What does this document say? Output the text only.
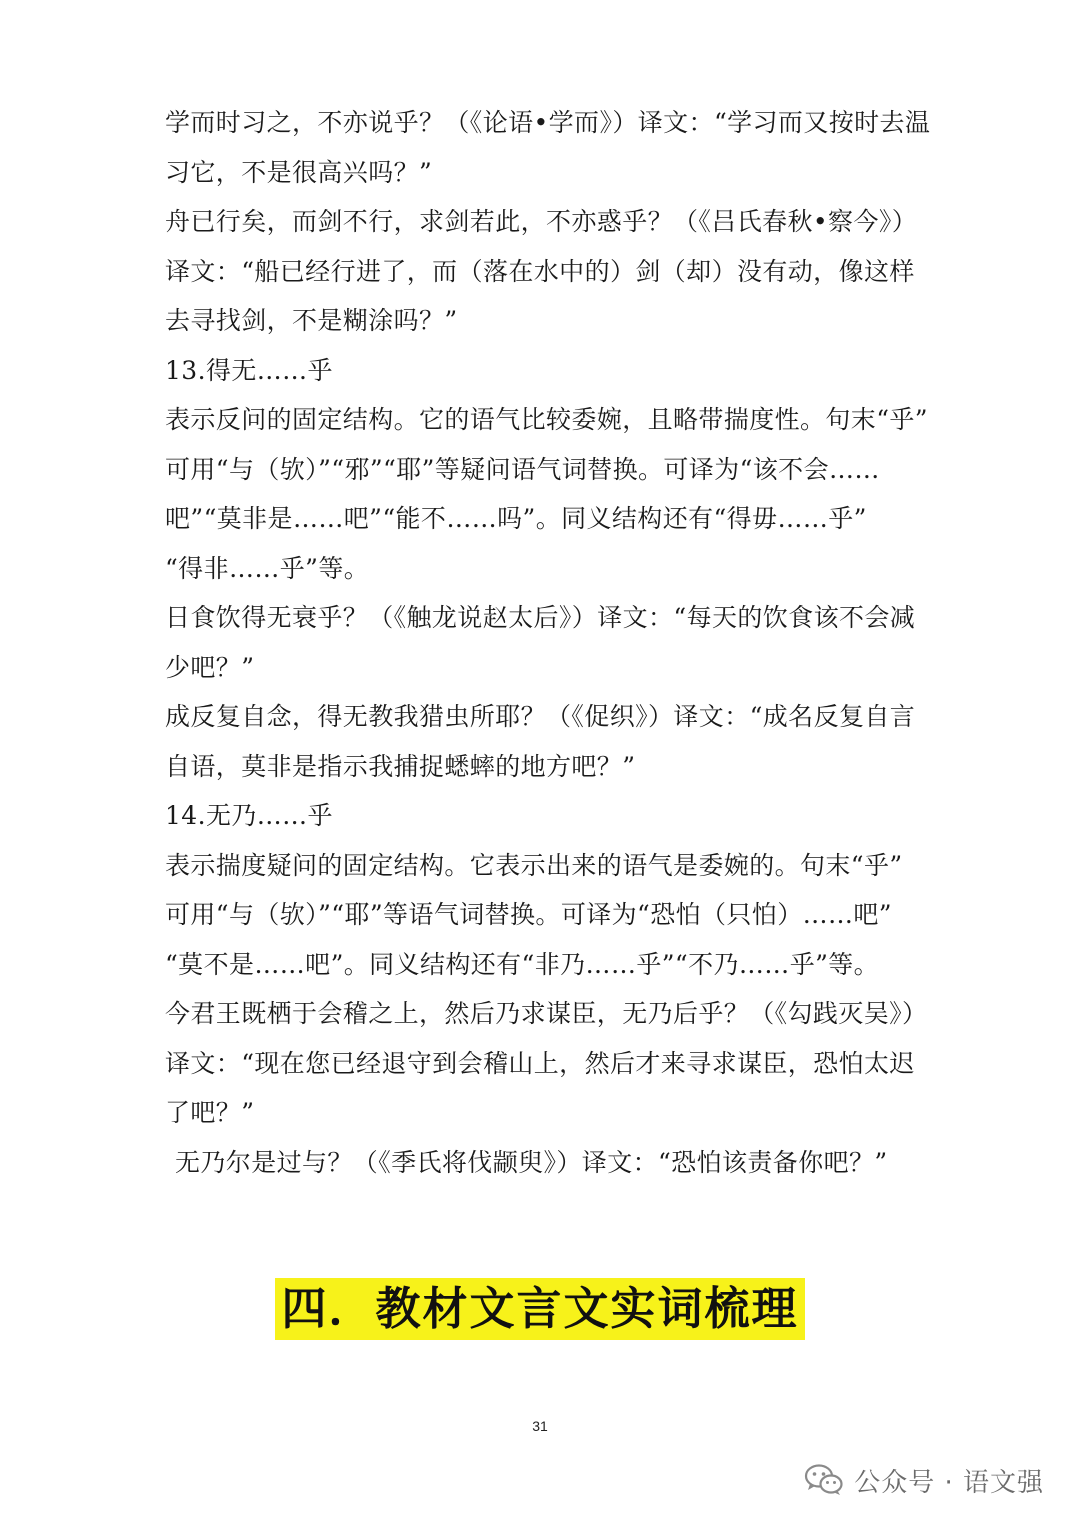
学而时习之，不亦说乎？（《论语•学而》）译文：“学习而又按时去温
习它，不是很高兴吗？”
舟已行矣，而剑不行，求剑若此，不亦惑乎？（《吕氏春秋•察今》）
译文：“船已经行进了，而（落在水中的）剑（却）没有动，像这样
去寻找剑，不是糊涂吗？”
13.得无……乎
表示反问的固定结构。它的语气比较委婉，且略带揣度性。句末“乎”
可用“与（欤）”“邪”“耶”等疑问语气词替换。可译为“该不会……
吧”“莫非是……吧”“能不……吗”。同义结构还有“得毋……乎”
“得非……乎”等。
日食饮得无衰乎？（《触龙说赵太后》）译文：“每天的饮食该不会减
少吧？”
成反复自念，得无教我猎虫所耶？（《促织》）译文：“成名反复自言
自语，莫非是指示我捕捉蟋蟀的地方吧？”
14.无乃……乎
表示揣度疑问的固定结构。它表示出来的语气是委婉的。句末“乎”
可用“与（欤）”“耶”等语气词替换。可译为“恐怕（只怕）……吧”
“莫不是……吧”。同义结构还有“非乃……乎”“不乃……乎”等。
今君王既栖于会稽之上，然后乃求谋臣，无乃后乎？（《勾践灭吴》）
译文：“现在您已经退守到会稽山上，然后才来寻求谋臣，恐怕太迟
了吧？”
无乃尔是过与？（《季氏将伐颛臾》）译文：“恐怕该责备你吧？”
四．教材文言文实词梳理
31
公众号 · 语文强
